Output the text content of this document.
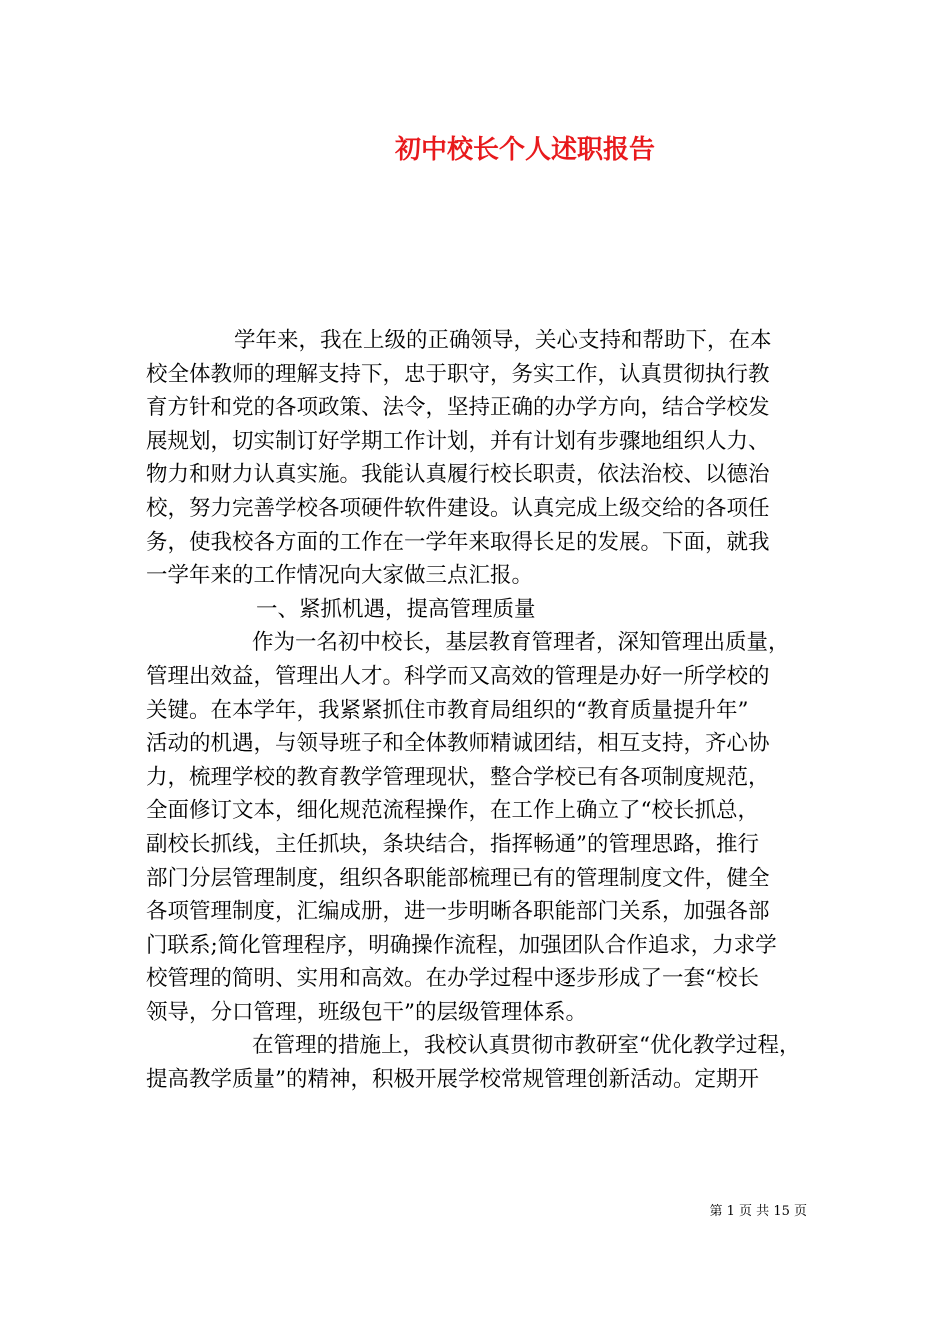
初中校长个人述职报告
学年来，我在上级的正确领导，关心支持和帮助下，在本
校全体教师的理解支持下，忠于职守，务实工作，认真贯彻执行教
育方针和党的各项政策、法令，坚持正确的办学方向，结合学校发
展规划，切实制订好学期工作计划，并有计划有步骤地组织人力、
物力和财力认真实施。我能认真履行校长职责，依法治校、以德治
校，努力完善学校各项硬件软件建设。认真完成上级交给的各项任
务，使我校各方面的工作在一学年来取得长足的发展。下面，就我
一学年来的工作情况向大家做三点汇报。
一、紧抓机遇，提高管理质量
作为一名初中校长，基层教育管理者，深知管理出质量，
管理出效益，管理出人才。科学而又高效的管理是办好一所学校的
关键。在本学年，我紧紧抓住市教育局组织的“教育质量提升年”
活动的机遇，与领导班子和全体教师精诚团结，相互支持，齐心协
力，梳理学校的教育教学管理现状，整合学校已有各项制度规范，
全面修订文本，细化规范流程操作，在工作上确立了“校长抓总，
副校长抓线，主任抓块，条块结合，指挥畅通”的管理思路，推行
部门分层管理制度，组织各职能部梳理已有的管理制度文件，健全
各项管理制度，汇编成册，进一步明晰各职能部门关系，加强各部
门联系;简化管理程序，明确操作流程，加强团队合作追求，力求学
校管理的简明、实用和高效。在办学过程中逐步形成了一套“校长
领导，分口管理，班级包干”的层级管理体系。
在管理的措施上，我校认真贯彻市教研室“优化教学过程，
提高教学质量”的精神，积极开展学校常规管理创新活动。定期开
第 1 页 共 15 页
